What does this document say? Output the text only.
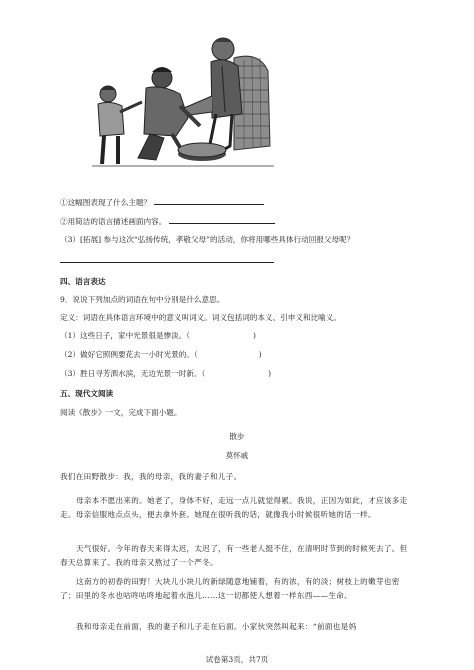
①这幅图表现了什么主题？
②用简洁的语言描述画面内容。
（3）[拓展] 参与这次“弘扬传统，孝敬父母”的活动，你将用哪些具体行动回报父母呢？
四、语言表达
9．说说下列加点的词语在句中分别是什么意思。
定义：词语在具体语言环境中的意义叫词义。词义包括词的本义、引申义和比喻义。
（1）这些日子，家中光景很是惨淡。（	)
（2）做好它照例要花去一小时光景的。（	)
（3）胜日寻芳泗水滨，无边光景一时新。（	)
五、现代文阅读
阅读《散步》一文，完成下面小题。
散步
莫怀戚
我们在田野散步：我，我的母亲，我的妻子和儿子。
母亲本不愿出来的。她老了，身体不好，走远一点儿就觉得累。我说，正因为如此，才应该多走走。母亲信服地点点头，便去拿外套。她现在很听我的话，就像我小时候很听她的话一样。
天气很好。今年的春天来得太迟，太迟了，有一些老人挺不住，在清明时节到的时候死去了。但春天总算来了。我的母亲又熬过了一个严冬。
这南方的初春的田野！大块儿小块儿的新绿随意地铺着，有的浓，有的淡；树枝上的嫩芽也密了；田里的冬水也咕咚咕咚地起着水泡儿……这一切都使人想着一样东西——生命。
我和母亲走在前面，我的妻子和儿子走在后面。小家伙突然叫起来：“前面也是妈
试卷第3页，共7页
